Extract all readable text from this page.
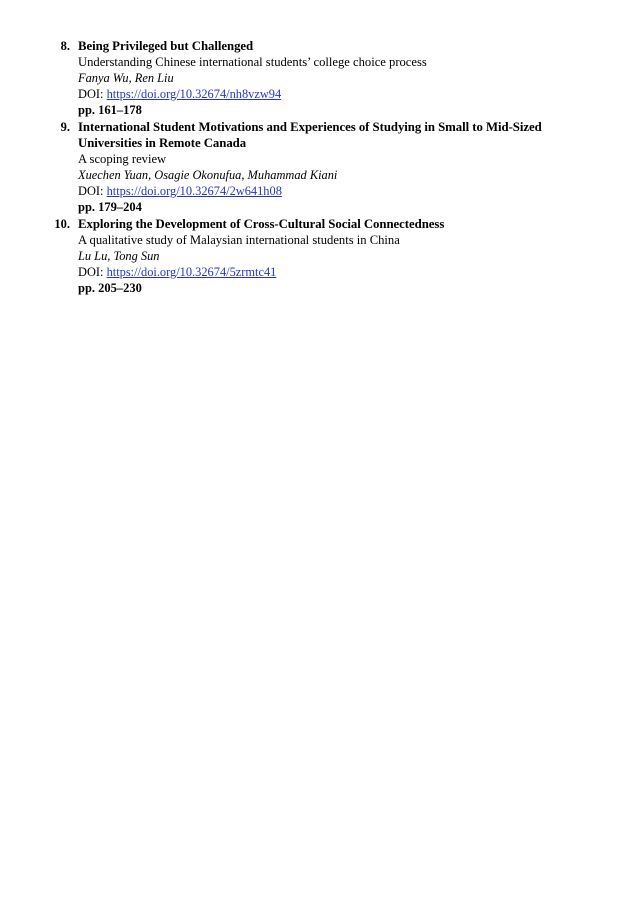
8. Being Privileged but Challenged
Understanding Chinese international students’ college choice process
Fanya Wu, Ren Liu
DOI: https://doi.org/10.32674/nh8vzw94
pp. 161–178
9. International Student Motivations and Experiences of Studying in Small to Mid-Sized Universities in Remote Canada
A scoping review
Xuechen Yuan, Osagie Okonufua, Muhammad Kiani
DOI: https://doi.org/10.32674/2w641h08
pp. 179–204
10. Exploring the Development of Cross-Cultural Social Connectedness
A qualitative study of Malaysian international students in China
Lu Lu, Tong Sun
DOI: https://doi.org/10.32674/5zrmtc41
pp. 205–230
